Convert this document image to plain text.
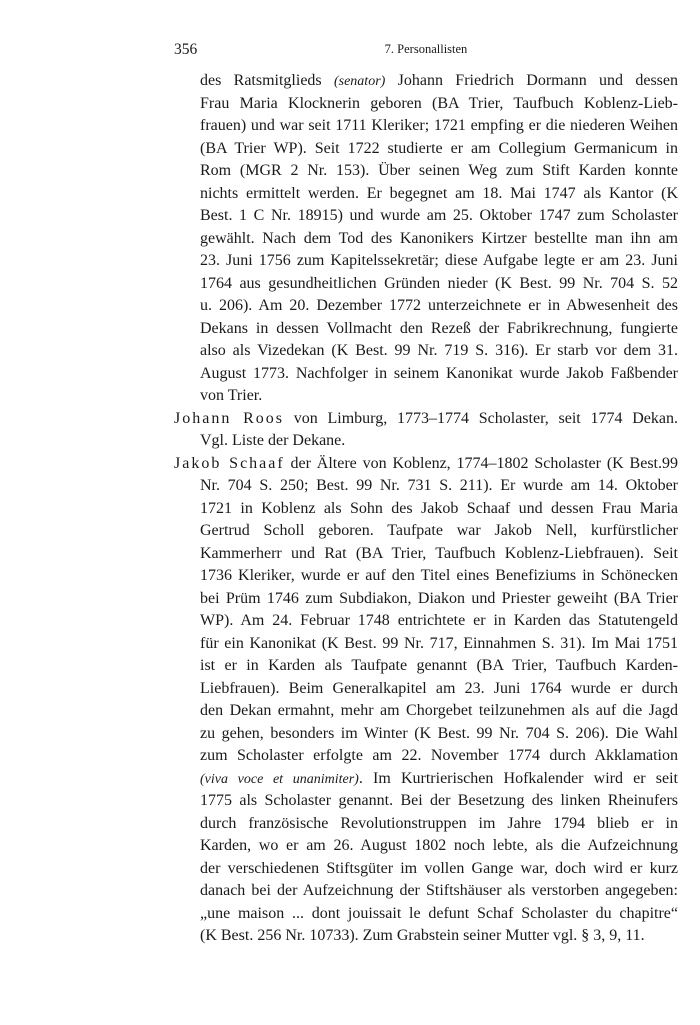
356	7. Personallisten
des Ratsmitglieds (senator) Johann Friedrich Dormann und dessen
Frau Maria Klocknerin geboren (BA Trier, Taufbuch Koblenz-Lieb-
frauen) und war seit 1711 Kleriker; 1721 empfing er die niederen Weihen
(BA Trier WP). Seit 1722 studierte er am Collegium Germanicum in
Rom (MGR 2 Nr. 153). Über seinen Weg zum Stift Karden konnte
nichts ermittelt werden. Er begegnet am 18. Mai 1747 als Kantor (K
Best. 1 C Nr. 18915) und wurde am 25. Oktober 1747 zum Scholaster
gewählt. Nach dem Tod des Kanonikers Kirtzer bestellte man ihn am
23. Juni 1756 zum Kapitelssekretär; diese Aufgabe legte er am 23. Juni
1764 aus gesundheitlichen Gründen nieder (K Best. 99 Nr. 704 S. 52
u. 206). Am 20. Dezember 1772 unterzeichnete er in Abwesenheit des
Dekans in dessen Vollmacht den Rezeß der Fabrikrechnung, fungierte
also als Vizedekan (K Best. 99 Nr. 719 S. 316). Er starb vor dem 31.
August 1773. Nachfolger in seinem Kanonikat wurde Jakob Faßbender
von Trier.
Johann Roos von Limburg, 1773–1774 Scholaster, seit 1774 Dekan.
Vgl. Liste der Dekane.
Jakob Schaaf der Ältere von Koblenz, 1774–1802 Scholaster (K Best.99
Nr. 704 S. 250; Best. 99 Nr. 731 S. 211). Er wurde am 14. Oktober
1721 in Koblenz als Sohn des Jakob Schaaf und dessen Frau Maria
Gertrud Scholl geboren. Taufpate war Jakob Nell, kurfürstlicher
Kammerherr und Rat (BA Trier, Taufbuch Koblenz-Liebfrauen). Seit
1736 Kleriker, wurde er auf den Titel eines Benefiziums in Schönecken
bei Prüm 1746 zum Subdiakon, Diakon und Priester geweiht (BA Trier
WP). Am 24. Februar 1748 entrichtete er in Karden das Statutengeld
für ein Kanonikat (K Best. 99 Nr. 717, Einnahmen S. 31). Im Mai 1751
ist er in Karden als Taufpate genannt (BA Trier, Taufbuch Karden-
Liebfrauen). Beim Generalkapitel am 23. Juni 1764 wurde er durch
den Dekan ermahnt, mehr am Chorgebet teilzunehmen als auf die Jagd
zu gehen, besonders im Winter (K Best. 99 Nr. 704 S. 206). Die Wahl
zum Scholaster erfolgte am 22. November 1774 durch Akklamation
(viva voce et unanimiter). Im Kurtrierischen Hofkalender wird er seit
1775 als Scholaster genannt. Bei der Besetzung des linken Rheinufers
durch französische Revolutionstruppen im Jahre 1794 blieb er in
Karden, wo er am 26. August 1802 noch lebte, als die Aufzeichnung
der verschiedenen Stiftsgüter im vollen Gange war, doch wird er kurz
danach bei der Aufzeichnung der Stiftshäuser als verstorben angegeben:
„une maison ... dont jouissait le defunt Schaf Scholaster du chapitre“
(K Best. 256 Nr. 10733). Zum Grabstein seiner Mutter vgl. § 3, 9, 11.
